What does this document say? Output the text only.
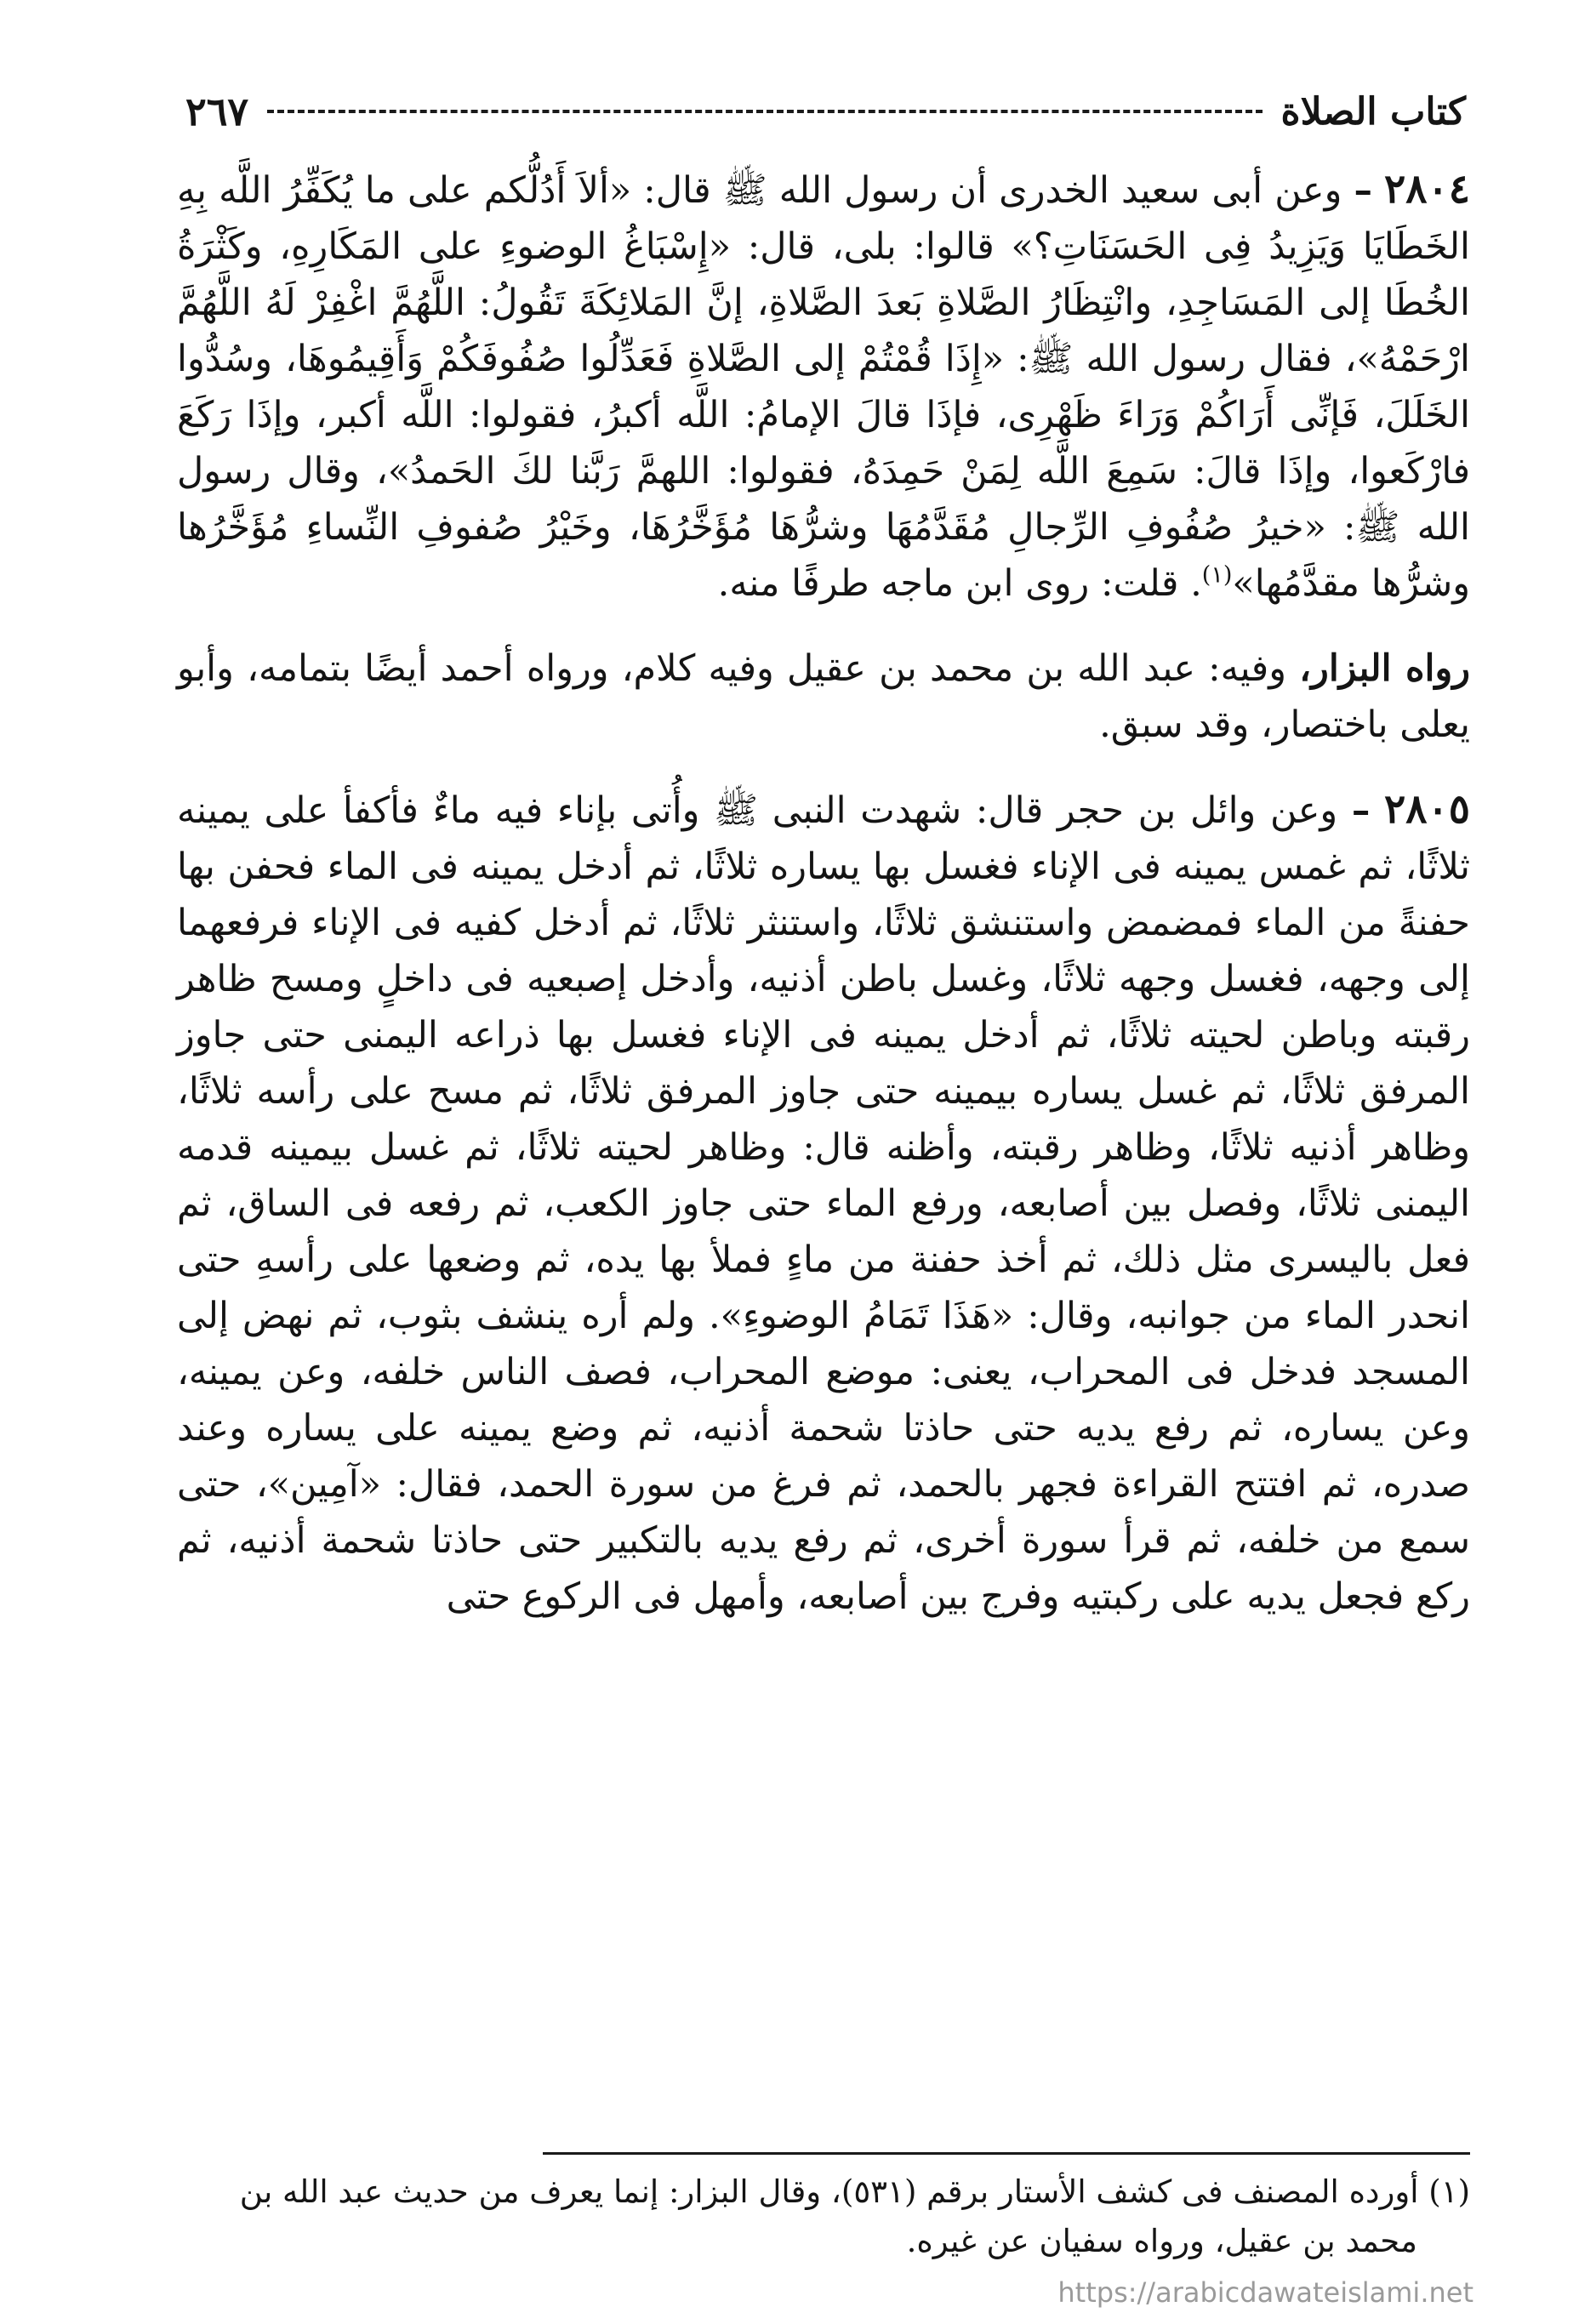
كتاب الصلاة
٢٦٧

٢٨٠٤ – وعن أبى سعيد الخدرى أن رسول الله ﷺ قال: «ألاَ أَدُلُّكم على ما يُكَفِّرُ اللَّه بِهِ الخَطَايَا وَيَزِيدُ فِى الحَسَنَاتِ؟» قالوا: بلى، قال: «إِسْبَاغُ الوضوءِ على المَكَارِهِ، وكَثْرَةُ الخُطَا إلى المَسَاجِدِ، وانْتِظَارُ الصَّلاةِ بَعدَ الصَّلاةِ، إنَّ المَلائِكَةَ تَقُولُ: اللَّهُمَّ اغْفِرْ لَهُ اللَّهُمَّ ارْحَمْهُ»، فقال رسول الله ﷺ: «إِذَا قُمْتُمْ إلى الصَّلاةِ فَعَدِّلُوا صُفُوفَكُمْ وَأَقِيمُوهَا، وسُدُّوا الخَلَلَ، فَإنِّى أَرَاكُمْ وَرَاءَ ظَهْرِى، فإذَا قالَ الإمامُ: اللَّه أكبرُ، فقولوا: اللَّه أكبر، وإذَا رَكَعَ فارْكَعوا، وإذَا قالَ: سَمِعَ اللَّه لِمَنْ حَمِدَهُ، فقولوا: اللهمَّ رَبَّنا لكَ الحَمدُ»، وقال رسول الله ﷺ: «خيرُ صُفُوفِ الرِّجالِ مُقَدَّمُهَا وشرُّهَا مُؤَخَّرُهَا، وخَيْرُ صُفوفِ النِّساءِ مُؤَخَّرُها وشرُّها مقدَّمُها»$^{(١)}$. قلت: روى ابن ماجه طرفًا منه.

رواه البزار، وفيه: عبد الله بن محمد بن عقيل وفيه كلام، ورواه أحمد أيضًا بتمامه، وأبو يعلى باختصار، وقد سبق.

٢٨٠٥ – وعن وائل بن حجر قال: شهدت النبى ﷺ وأُتى بإناء فيه ماءٌ فأكفأ على يمينه ثلاثًا، ثم غمس يمينه فى الإناء فغسل بها يساره ثلاثًا، ثم أدخل يمينه فى الماء فحفن بها حفنةً من الماء فمضمض واستنشق ثلاثًا، واستنثر ثلاثًا، ثم أدخل كفيه فى الإناء فرفعهما إلى وجهه، فغسل وجهه ثلاثًا، وغسل باطن أذنيه، وأدخل إصبعيه فى داخلٍ ومسح ظاهر رقبته وباطن لحيته ثلاثًا، ثم أدخل يمينه فى الإناء فغسل بها ذراعه اليمنى حتى جاوز المرفق ثلاثًا، ثم غسل يساره بيمينه حتى جاوز المرفق ثلاثًا، ثم مسح على رأسه ثلاثًا، وظاهر أذنيه ثلاثًا، وظاهر رقبته، وأظنه قال: وظاهر لحيته ثلاثًا، ثم غسل بيمينه قدمه اليمنى ثلاثًا، وفصل بين أصابعه، ورفع الماء حتى جاوز الكعب، ثم رفعه فى الساق، ثم فعل باليسرى مثل ذلك، ثم أخذ حفنة من ماءٍ فملأ بها يده، ثم وضعها على رأسهِ حتى انحدر الماء من جوانبه، وقال: «هَذَا تَمَامُ الوضوءِ». ولم أره ينشف بثوب، ثم نهض إلى المسجد فدخل فى المحراب، يعنى: موضع المحراب، فصف الناس خلفه، وعن يمينه، وعن يساره، ثم رفع يديه حتى حاذتا شحمة أذنيه، ثم وضع يمينه على يساره وعند صدره، ثم افتتح القراءة فجهر بالحمد، ثم فرغ من سورة الحمد، فقال: «آمِين»، حتى سمع من خلفه، ثم قرأ سورة أخرى، ثم رفع يديه بالتكبير حتى حاذتا شحمة أذنيه، ثم ركع فجعل يديه على ركبتيه وفرج بين أصابعه، وأمهل فى الركوع حتى

(١) أورده المصنف فى كشف الأستار برقم (٥٣١)، وقال البزار: إنما يعرف من حديث عبد الله بن
محمد بن عقيل، ورواه سفيان عن غيره.
https://arabicdawateislami.net
